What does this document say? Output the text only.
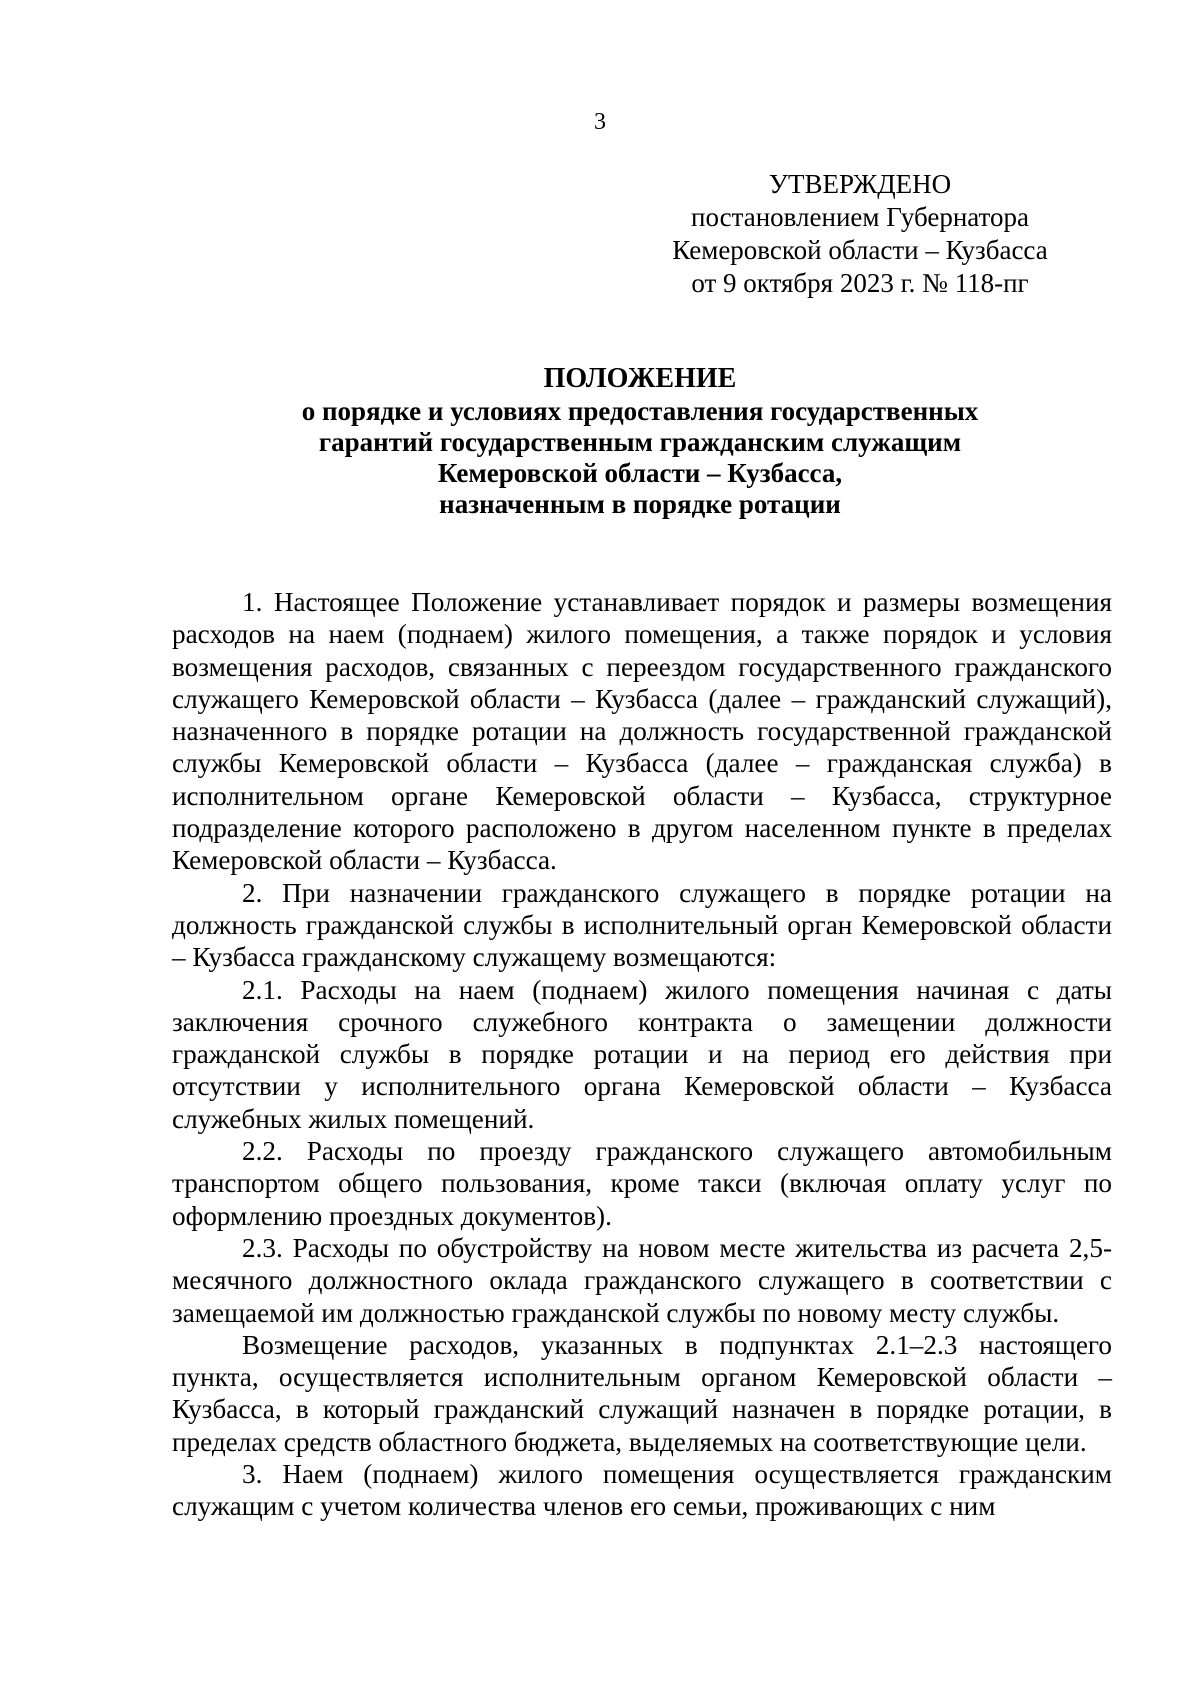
3
УТВЕРЖДЕНО
постановлением Губернатора
Кемеровской области – Кузбасса
от 9 октября 2023 г. № 118-пг
ПОЛОЖЕНИЕ
о порядке и условиях предоставления государственных
гарантий государственным гражданским служащим
Кемеровской области – Кузбасса,
назначенным в порядке ротации

1. Настоящее Положение устанавливает порядок и размеры возмещения расходов на наем (поднаем) жилого помещения, а также порядок и условия возмещения расходов, связанных с переездом государственного гражданского служащего Кемеровской области – Кузбасса (далее – гражданский служащий), назначенного в порядке ротации на должность государственной гражданской службы Кемеровской области – Кузбасса (далее – гражданская служба) в исполнительном органе Кемеровской области – Кузбасса, структурное подразделение которого расположено в другом населенном пункте в пределах Кемеровской области – Кузбасса.

2. При назначении гражданского служащего в порядке ротации на должность гражданской службы в исполнительный орган Кемеровской области – Кузбасса гражданскому служащему возмещаются:

2.1. Расходы на наем (поднаем) жилого помещения начиная с даты заключения срочного служебного контракта о замещении должности гражданской службы в порядке ротации и на период его действия при отсутствии у исполнительного органа Кемеровской области – Кузбасса служебных жилых помещений.

2.2. Расходы по проезду гражданского служащего автомобильным транспортом общего пользования, кроме такси (включая оплату услуг по оформлению проездных документов).

2.3. Расходы по обустройству на новом месте жительства из расчета 2,5-месячного должностного оклада гражданского служащего в соответствии с замещаемой им должностью гражданской службы по новому месту службы.

Возмещение расходов, указанных в подпунктах 2.1–2.3 настоящего пункта, осуществляется исполнительным органом Кемеровской области – Кузбасса, в который гражданский служащий назначен в порядке ротации, в пределах средств областного бюджета, выделяемых на соответствующие цели.

3. Наем (поднаем) жилого помещения осуществляется гражданским служащим с учетом количества членов его семьи, проживающих с ним
